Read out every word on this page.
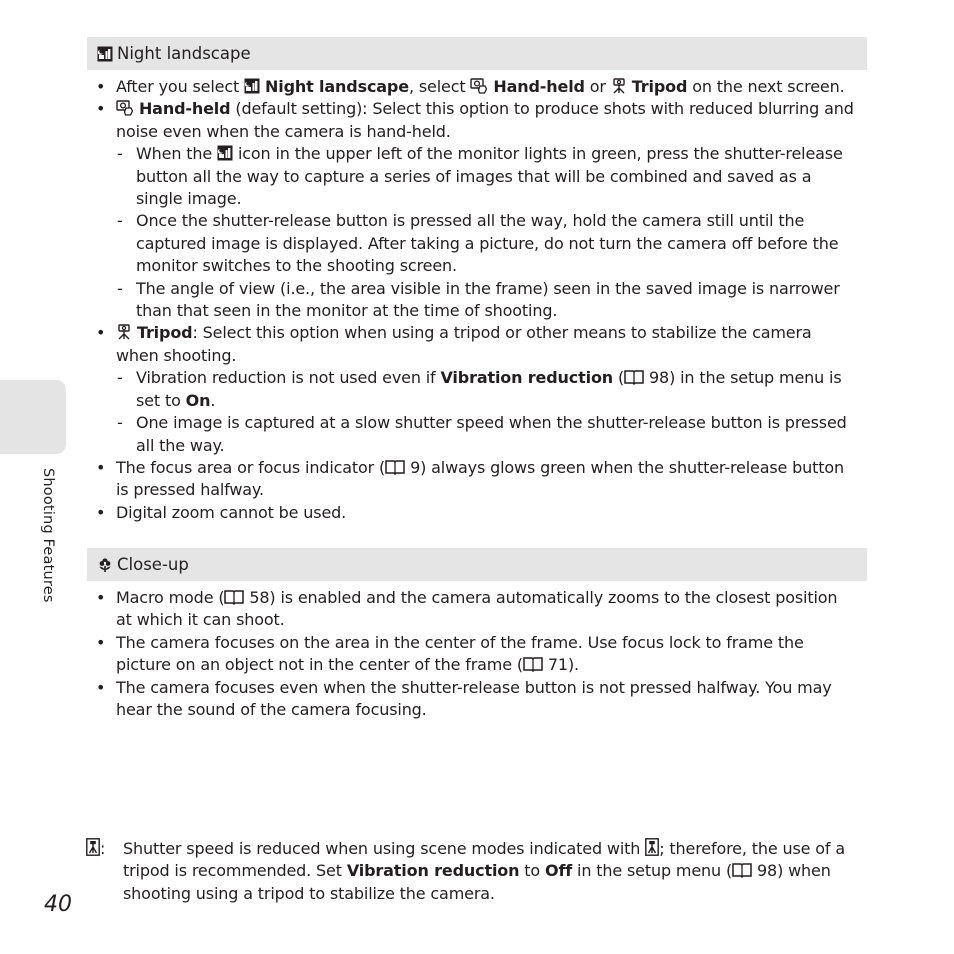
Night landscape
• After you select  Night landscape, select  Hand-held or  Tripod on the next screen.
• Hand-held (default setting): Select this option to produce shots with reduced blurring and noise even when the camera is hand-held.
- When the  icon in the upper left of the monitor lights in green, press the shutter-release button all the way to capture a series of images that will be combined and saved as a single image.
- Once the shutter-release button is pressed all the way, hold the camera still until the captured image is displayed. After taking a picture, do not turn the camera off before the monitor switches to the shooting screen.
- The angle of view (i.e., the area visible in the frame) seen in the saved image is narrower than that seen in the monitor at the time of shooting.
• Tripod: Select this option when using a tripod or other means to stabilize the camera when shooting.
- Vibration reduction is not used even if Vibration reduction ( 98) in the setup menu is set to On.
- One image is captured at a slow shutter speed when the shutter-release button is pressed all the way.
• The focus area or focus indicator ( 9) always glows green when the shutter-release button is pressed halfway.
• Digital zoom cannot be used.
Close-up
• Macro mode ( 58) is enabled and the camera automatically zooms to the closest position at which it can shoot.
• The camera focuses on the area in the center of the frame. Use focus lock to frame the picture on an object not in the center of the frame ( 71).
• The camera focuses even when the shutter-release button is not pressed halfway. You may hear the sound of the camera focusing.
: Shutter speed is reduced when using scene modes indicated with ; therefore, the use of a tripod is recommended. Set Vibration reduction to Off in the setup menu ( 98) when shooting using a tripod to stabilize the camera.
Shooting Features
40
